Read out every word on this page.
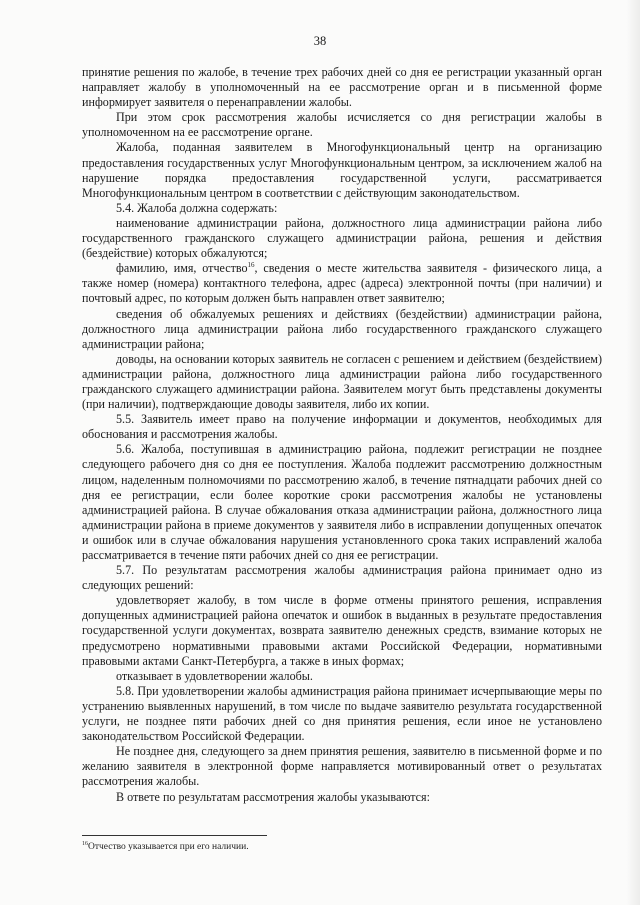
38

принятие решения по жалобе, в течение трех рабочих дней со дня ее регистрации указанный орган направляет жалобу в уполномоченный на ее рассмотрение орган и в письменной форме информирует заявителя о перенаправлении жалобы.

При этом срок рассмотрения жалобы исчисляется со дня регистрации жалобы в уполномоченном на ее рассмотрение органе.

Жалоба, поданная заявителем в Многофункциональный центр на организацию предоставления государственных услуг Многофункциональным центром, за исключением жалоб на нарушение порядка предоставления государственной услуги, рассматривается Многофункциональным центром в соответствии с действующим законодательством.

5.4. Жалоба должна содержать:

наименование администрации района, должностного лица администрации района либо государственного гражданского служащего администрации района, решения и действия (бездействие) которых обжалуются;

фамилию, имя, отчество$^{16}$, сведения о месте жительства заявителя - физического лица, а также номер (номера) контактного телефона, адрес (адреса) электронной почты (при наличии) и почтовый адрес, по которым должен быть направлен ответ заявителю;

сведения об обжалуемых решениях и действиях (бездействии) администрации района, должностного лица администрации района либо государственного гражданского служащего администрации района;

доводы, на основании которых заявитель не согласен с решением и действием (бездействием) администрации района, должностного лица администрации района либо государственного гражданского служащего администрации района. Заявителем могут быть представлены документы (при наличии), подтверждающие доводы заявителя, либо их копии.

5.5. Заявитель имеет право на получение информации и документов, необходимых для обоснования и рассмотрения жалобы.

5.6. Жалоба, поступившая в администрацию района, подлежит регистрации не позднее следующего рабочего дня со дня ее поступления. Жалоба подлежит рассмотрению должностным лицом, наделенным полномочиями по рассмотрению жалоб, в течение пятнадцати рабочих дней со дня ее регистрации, если более короткие сроки рассмотрения жалобы не установлены администрацией района. В случае обжалования отказа администрации района, должностного лица администрации района в приеме документов у заявителя либо в исправлении допущенных опечаток и ошибок или в случае обжалования нарушения установленного срока таких исправлений жалоба рассматривается в течение пяти рабочих дней со дня ее регистрации.

5.7. По результатам рассмотрения жалобы администрация района принимает одно из следующих решений:

удовлетворяет жалобу, в том числе в форме отмены принятого решения, исправления допущенных администрацией района опечаток и ошибок в выданных в результате предоставления государственной услуги документах, возврата заявителю денежных средств, взимание которых не предусмотрено нормативными правовыми актами Российской Федерации, нормативными правовыми актами Санкт-Петербурга, а также в иных формах;

отказывает в удовлетворении жалобы.

5.8. При удовлетворении жалобы администрация района принимает исчерпывающие меры по устранению выявленных нарушений, в том числе по выдаче заявителю результата государственной услуги, не позднее пяти рабочих дней со дня принятия решения, если иное не установлено законодательством Российской Федерации.

Не позднее дня, следующего за днем принятия решения, заявителю в письменной форме и по желанию заявителя в электронной форме направляется мотивированный ответ о результатах рассмотрения жалобы.

В ответе по результатам рассмотрения жалобы указываются:

$^{16}$Отчество указывается при его наличии.
